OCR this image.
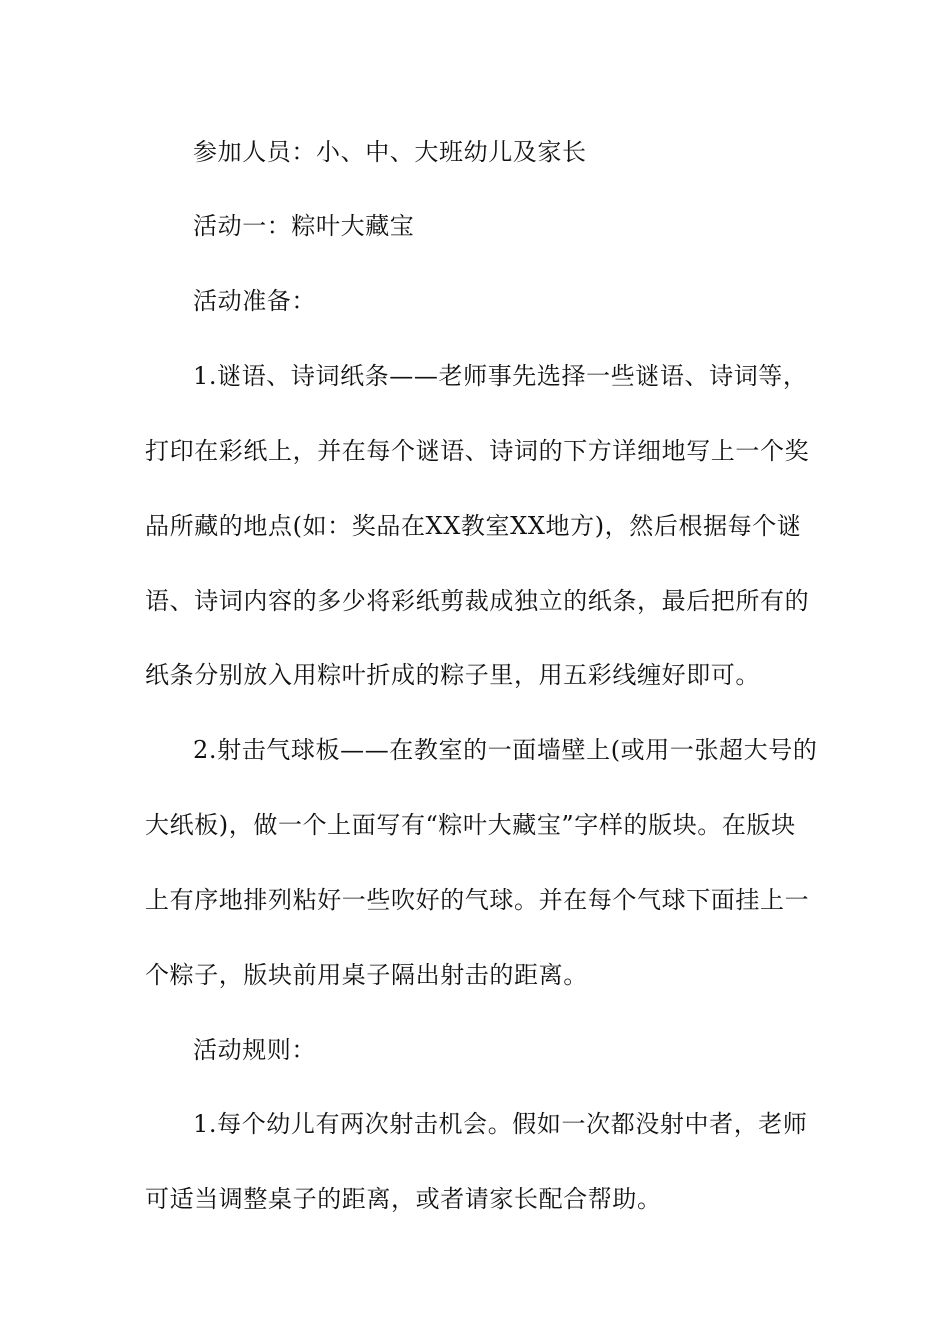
参加人员：小、中、大班幼儿及家长
活动一：粽叶大藏宝
活动准备：
1.谜语、诗词纸条——老师事先选择一些谜语、诗词等，
打印在彩纸上，并在每个谜语、诗词的下方详细地写上一个奖
品所藏的地点(如：奖品在XX教室XX地方)，然后根据每个谜
语、诗词内容的多少将彩纸剪裁成独立的纸条，最后把所有的
纸条分别放入用粽叶折成的粽子里，用五彩线缠好即可。
2.射击气球板——在教室的一面墙壁上(或用一张超大号的
大纸板)，做一个上面写有“粽叶大藏宝”字样的版块。在版块
上有序地排列粘好一些吹好的气球。并在每个气球下面挂上一
个粽子，版块前用桌子隔出射击的距离。
活动规则：
1.每个幼儿有两次射击机会。假如一次都没射中者，老师
可适当调整桌子的距离，或者请家长配合帮助。
